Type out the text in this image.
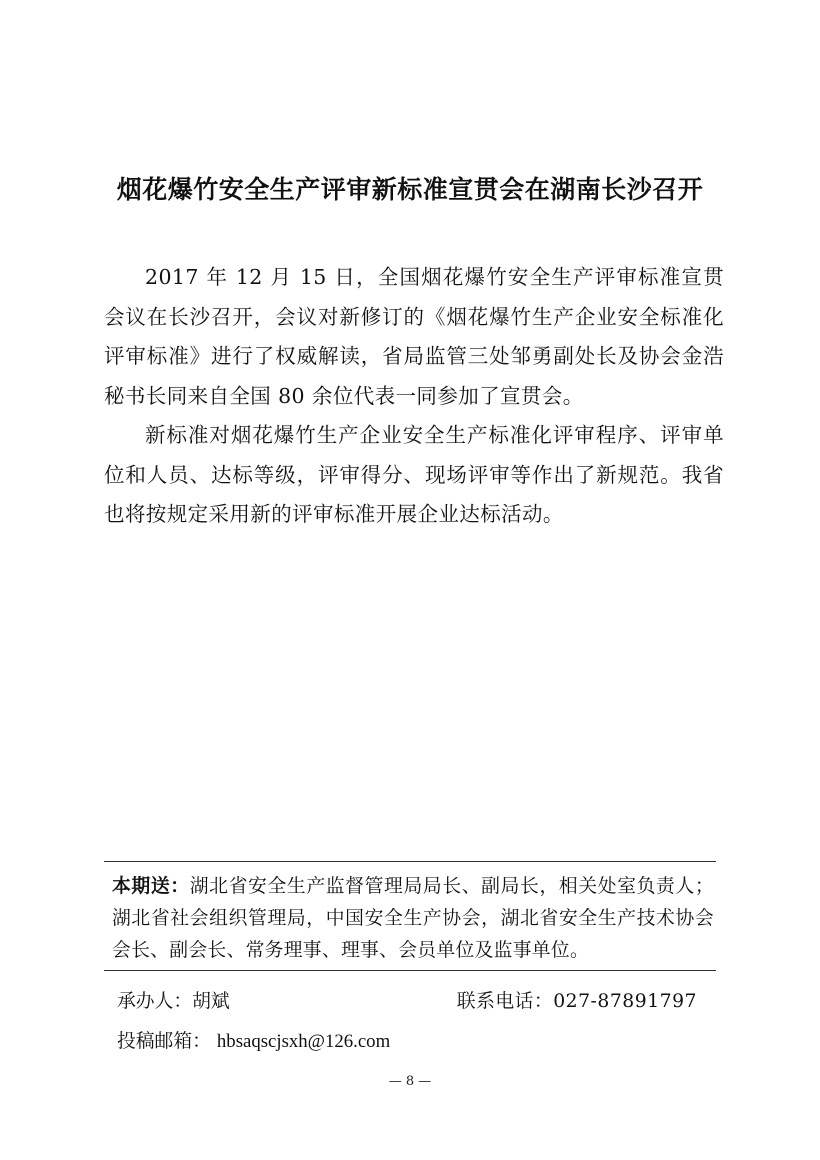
烟花爆竹安全生产评审新标准宣贯会在湖南长沙召开

2017 年 12 月 15 日，全国烟花爆竹安全生产评审标准宣贯会议在长沙召开，会议对新修订的《烟花爆竹生产企业安全标准化评审标准》进行了权威解读，省局监管三处邹勇副处长及协会金浩秘书长同来自全国 80 余位代表一同参加了宣贯会。

新标准对烟花爆竹生产企业安全生产标准化评审程序、评审单位和人员、达标等级，评审得分、现场评审等作出了新规范。我省也将按规定采用新的评审标准开展企业达标活动。

本期送：湖北省安全生产监督管理局局长、副局长，相关处室负责人；湖北省社会组织管理局，中国安全生产协会，湖北省安全生产技术协会会长、副会长、常务理事、理事、会员单位及监事单位。

承办人：胡斌	联系电话：027-87891797
投稿邮箱： hbsaqscjsxh@126.com
— 8 —
